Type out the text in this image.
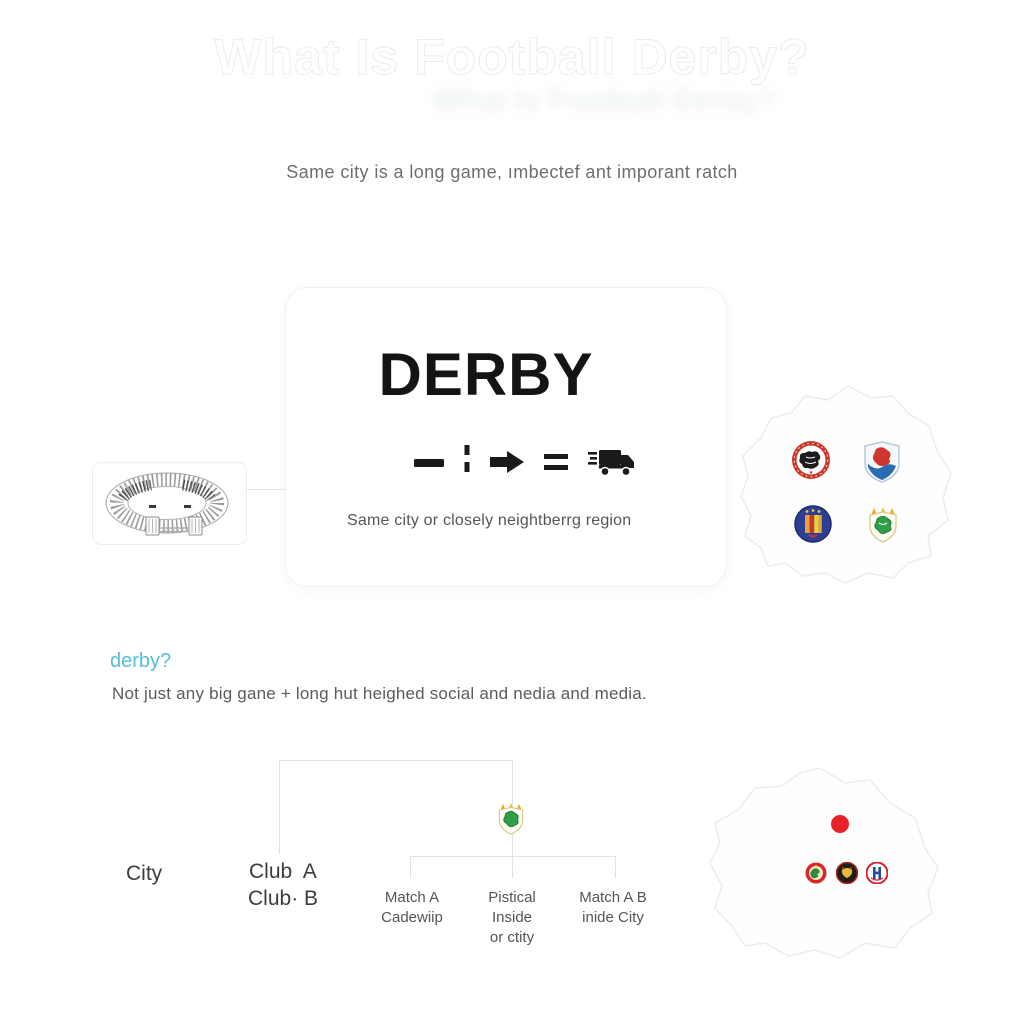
What Is Football Derby?
What Is Football Derby?
Same city is a long game, ımbectef ant imporant ratch
DERBY
Same city or closely neightberrg region
derby?
Not just any big gane + long hut heighed social and nedia and media.
City	Club  A
Club· B	Match A
Cadewiip
Pistical
Inside
or ctity
Match A B
inide City
